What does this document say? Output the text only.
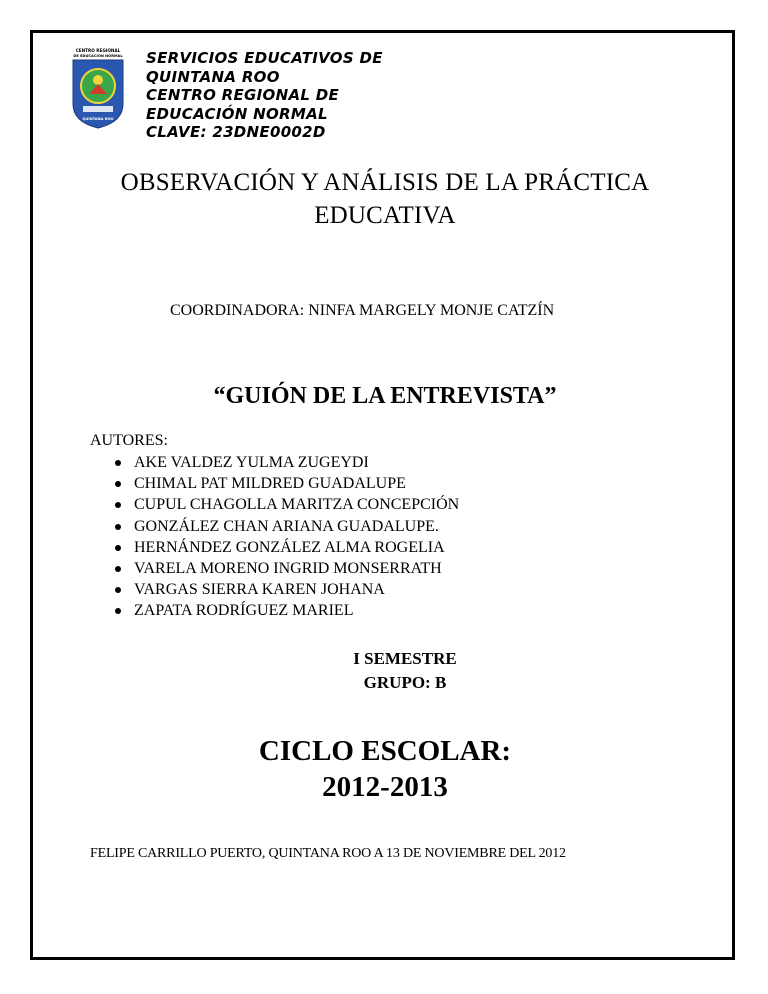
CENTRO REGIONAL
DE EDUCACION NORMAL
QUINTANA ROO
SERVICIOS EDUCATIVOS DE
QUINTANA ROO
CENTRO REGIONAL DE
EDUCACIÓN NORMAL
CLAVE: 23DNE0002D
OBSERVACIÓN Y ANÁLISIS DE LA PRÁCTICA
EDUCATIVA
COORDINADORA: NINFA MARGELY MONJE CATZÍN
“GUIÓN DE LA ENTREVISTA”
AUTORES:
AKE VALDEZ YULMA ZUGEYDI
CHIMAL PAT MILDRED GUADALUPE
CUPUL CHAGOLLA MARITZA CONCEPCIÓN
GONZÁLEZ CHAN ARIANA GUADALUPE.
HERNÁNDEZ GONZÁLEZ ALMA ROGELIA
VARELA MORENO INGRID MONSERRATH
VARGAS SIERRA KAREN JOHANA
ZAPATA RODRÍGUEZ MARIEL
I SEMESTRE
GRUPO: B
CICLO ESCOLAR:
2012-2013
FELIPE CARRILLO PUERTO, QUINTANA ROO A 13 DE NOVIEMBRE DEL 2012
